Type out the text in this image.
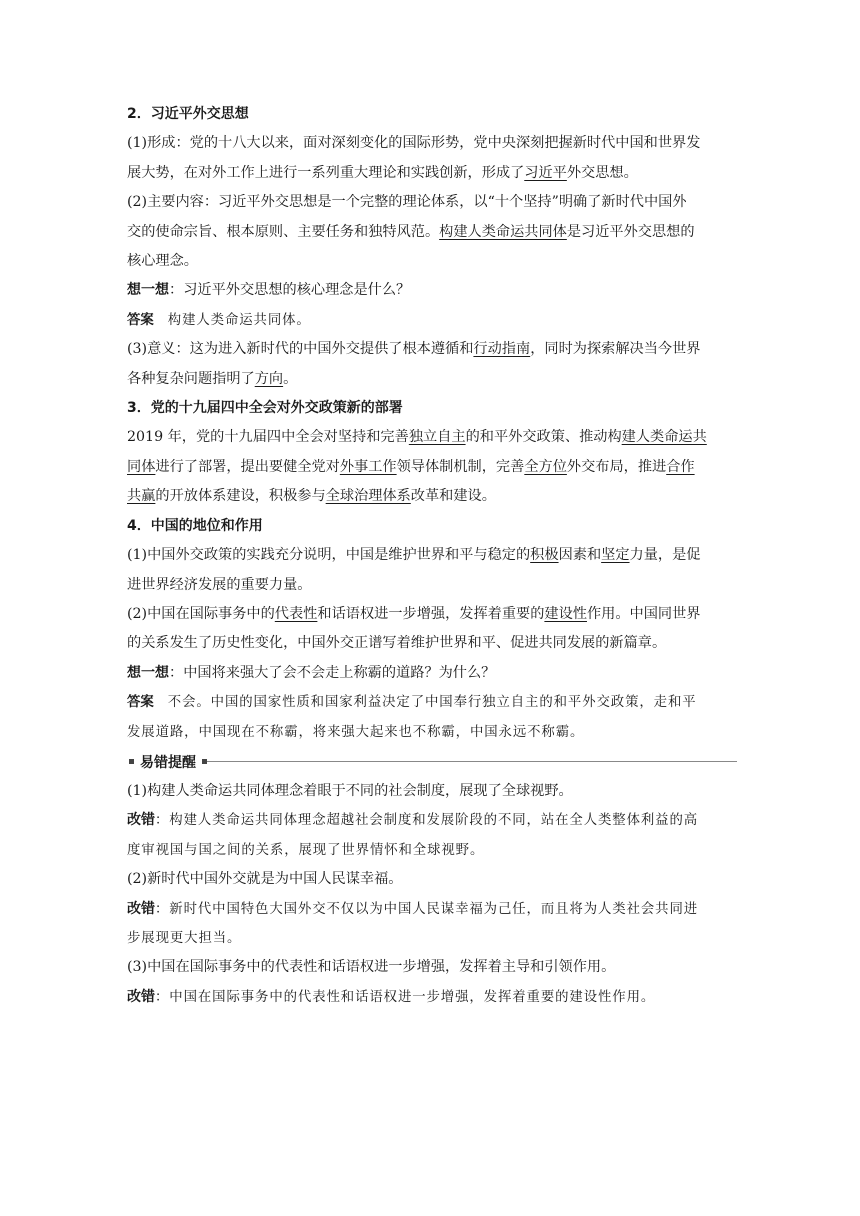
2．习近平外交思想
(1)形成：党的十八大以来，面对深刻变化的国际形势，党中央深刻把握新时代中国和世界发
展大势，在对外工作上进行一系列重大理论和实践创新，形成了习近平外交思想。
(2)主要内容：习近平外交思想是一个完整的理论体系，以“十个坚持”明确了新时代中国外
交的使命宗旨、根本原则、主要任务和独特风范。构建人类命运共同体是习近平外交思想的
核心理念。
想一想：习近平外交思想的核心理念是什么？
答案 构建人类命运共同体。
(3)意义：这为进入新时代的中国外交提供了根本遵循和行动指南，同时为探索解决当今世界
各种复杂问题指明了方向。
3．党的十九届四中全会对外交政策新的部署
2019 年，党的十九届四中全会对坚持和完善独立自主的和平外交政策、推动构建人类命运共
同体进行了部署，提出要健全党对外事工作领导体制机制，完善全方位外交布局，推进合作
共赢的开放体系建设，积极参与全球治理体系改革和建设。
4．中国的地位和作用
(1)中国外交政策的实践充分说明，中国是维护世界和平与稳定的积极因素和坚定力量，是促
进世界经济发展的重要力量。
(2)中国在国际事务中的代表性和话语权进一步增强，发挥着重要的建设性作用。中国同世界
的关系发生了历史性变化，中国外交正谱写着维护世界和平、促进共同发展的新篇章。
想一想：中国将来强大了会不会走上称霸的道路？为什么？
答案 不会。中国的国家性质和国家利益决定了中国奉行独立自主的和平外交政策，走和平
发展道路，中国现在不称霸，将来强大起来也不称霸，中国永远不称霸。
易错提醒
(1)构建人类命运共同体理念着眼于不同的社会制度，展现了全球视野。
改错：构建人类命运共同体理念超越社会制度和发展阶段的不同，站在全人类整体利益的高
度审视国与国之间的关系，展现了世界情怀和全球视野。
(2)新时代中国外交就是为中国人民谋幸福。
改错：新时代中国特色大国外交不仅以为中国人民谋幸福为己任，而且将为人类社会共同进
步展现更大担当。
(3)中国在国际事务中的代表性和话语权进一步增强，发挥着主导和引领作用。
改错：中国在国际事务中的代表性和话语权进一步增强，发挥着重要的建设性作用。
